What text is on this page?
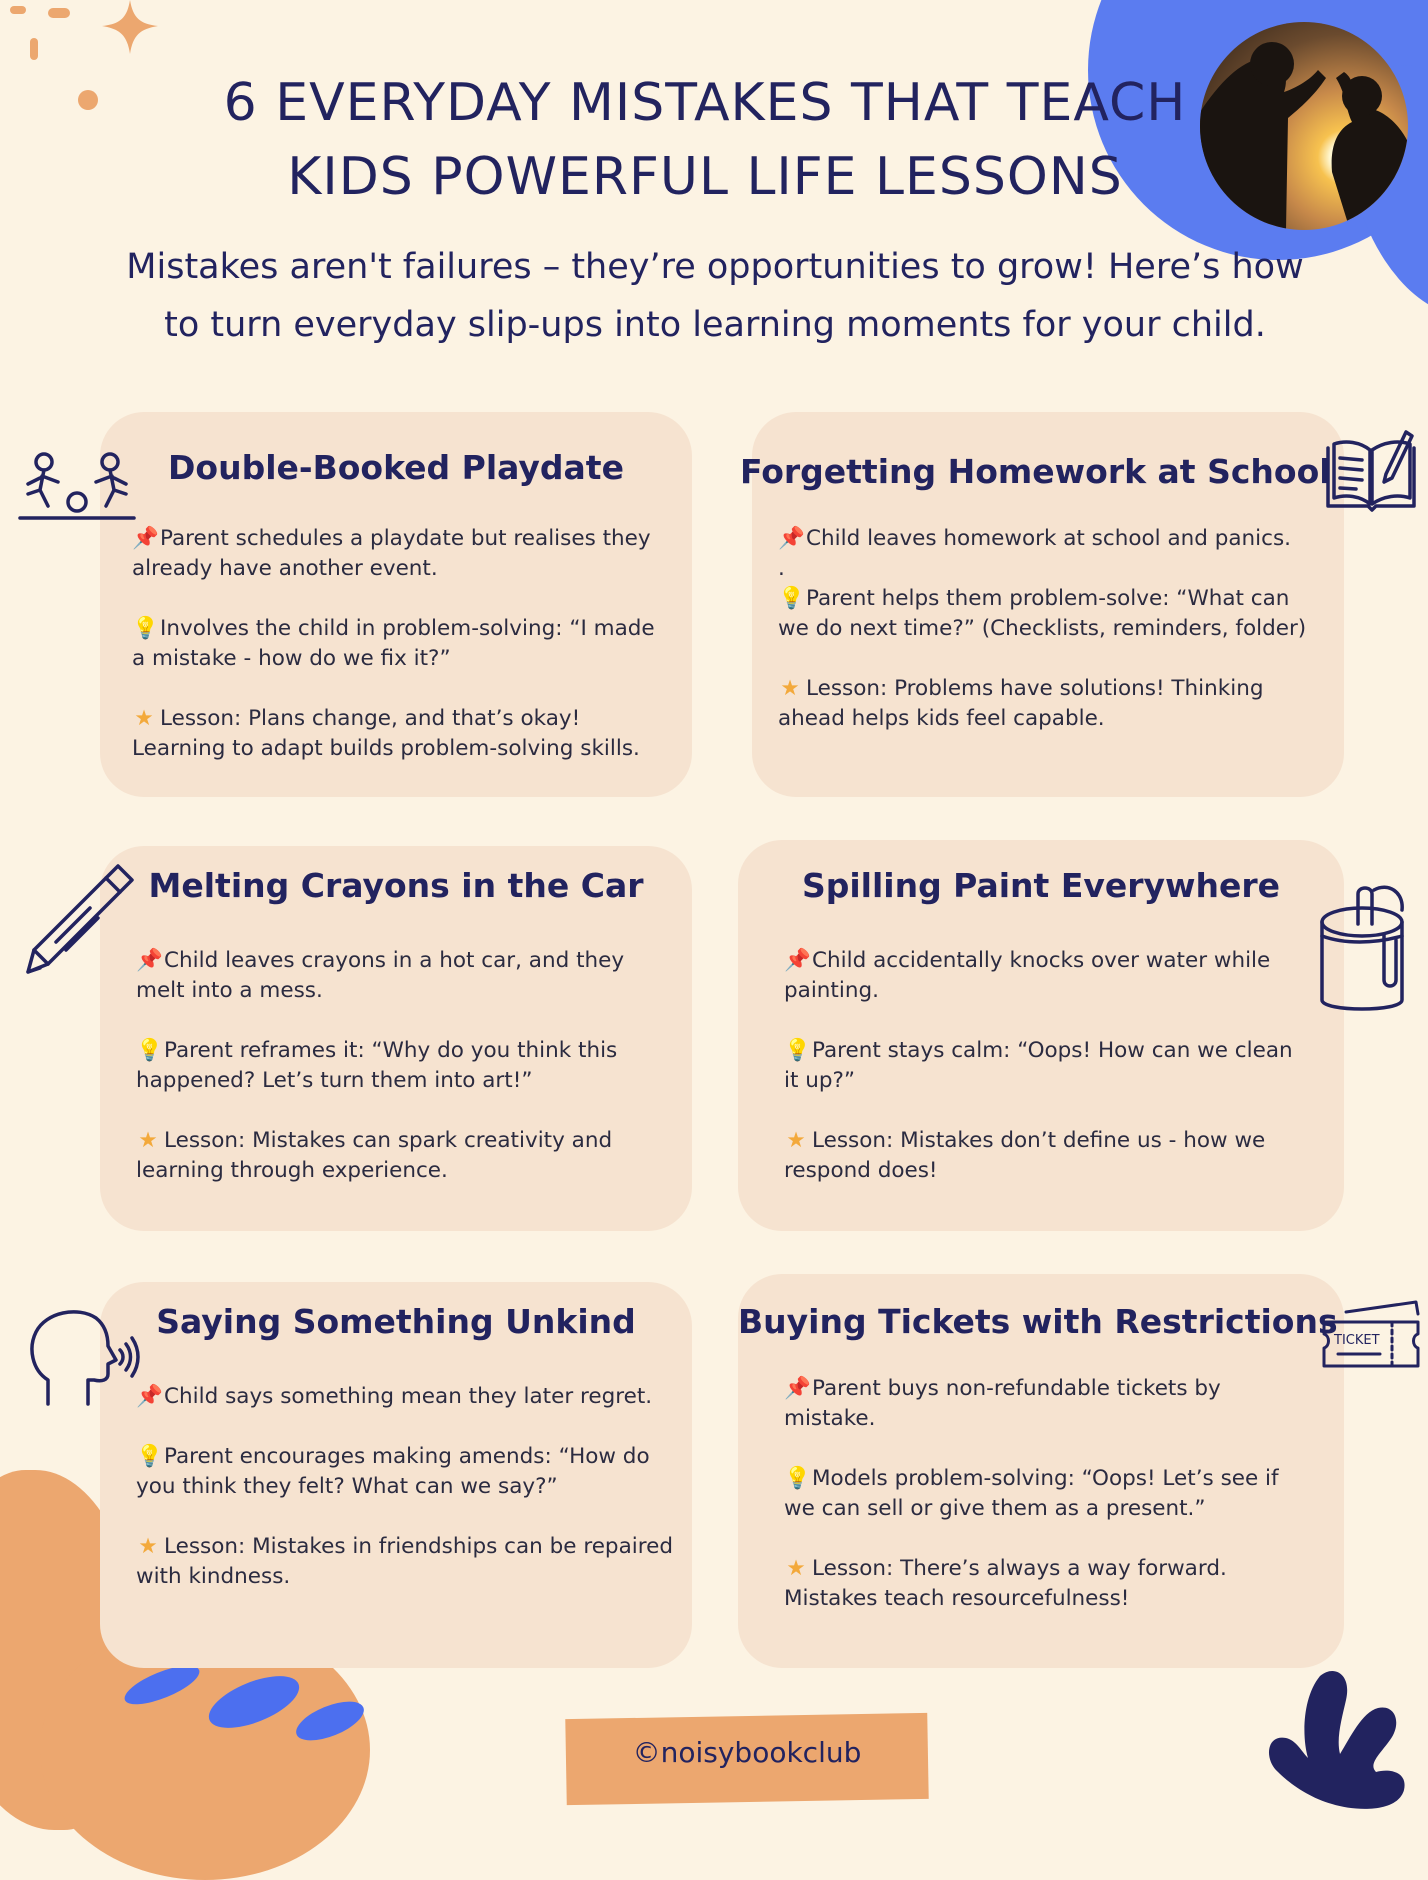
6 EVERYDAY MISTAKES THAT TEACH
KIDS POWERFUL LIFE LESSONS

Mistakes aren't failures – they’re opportunities to grow! Here’s how
to turn everyday slip-ups into learning moments for your child.

Double-Booked Playdate

📌Parent schedules a playdate but realises they already have another event.

💡Involves the child in problem-solving: “I made a mistake - how do we fix it?”

★ Lesson: Plans change, and that’s okay! Learning to adapt builds problem-solving skills.

Forgetting Homework at School

📌Child leaves homework at school and panics.

.

💡Parent helps them problem-solve: “What can we do next time?” (Checklists, reminders, folder)

★ Lesson: Problems have solutions! Thinking ahead helps kids feel capable.

Melting Crayons in the Car

📌Child leaves crayons in a hot car, and they melt into a mess.

💡Parent reframes it: “Why do you think this happened? Let’s turn them into art!”

★ Lesson: Mistakes can spark creativity and learning through experience.

Spilling Paint Everywhere

📌Child accidentally knocks over water while painting.

💡Parent stays calm: “Oops! How can we clean it up?”

★ Lesson: Mistakes don’t define us - how we respond does!

Saying Something Unkind

📌Child says something mean they later regret.

💡Parent encourages making amends: “How do you think they felt? What can we say?”

★ Lesson: Mistakes in friendships can be repaired with kindness.

Buying Tickets with Restrictions

📌Parent buys non-refundable tickets by mistake.

💡Models problem-solving: “Oops! Let’s see if we can sell or give them as a present.”

★ Lesson: There’s always a way forward. Mistakes teach resourcefulness!

TICKET
©noisybookclub
